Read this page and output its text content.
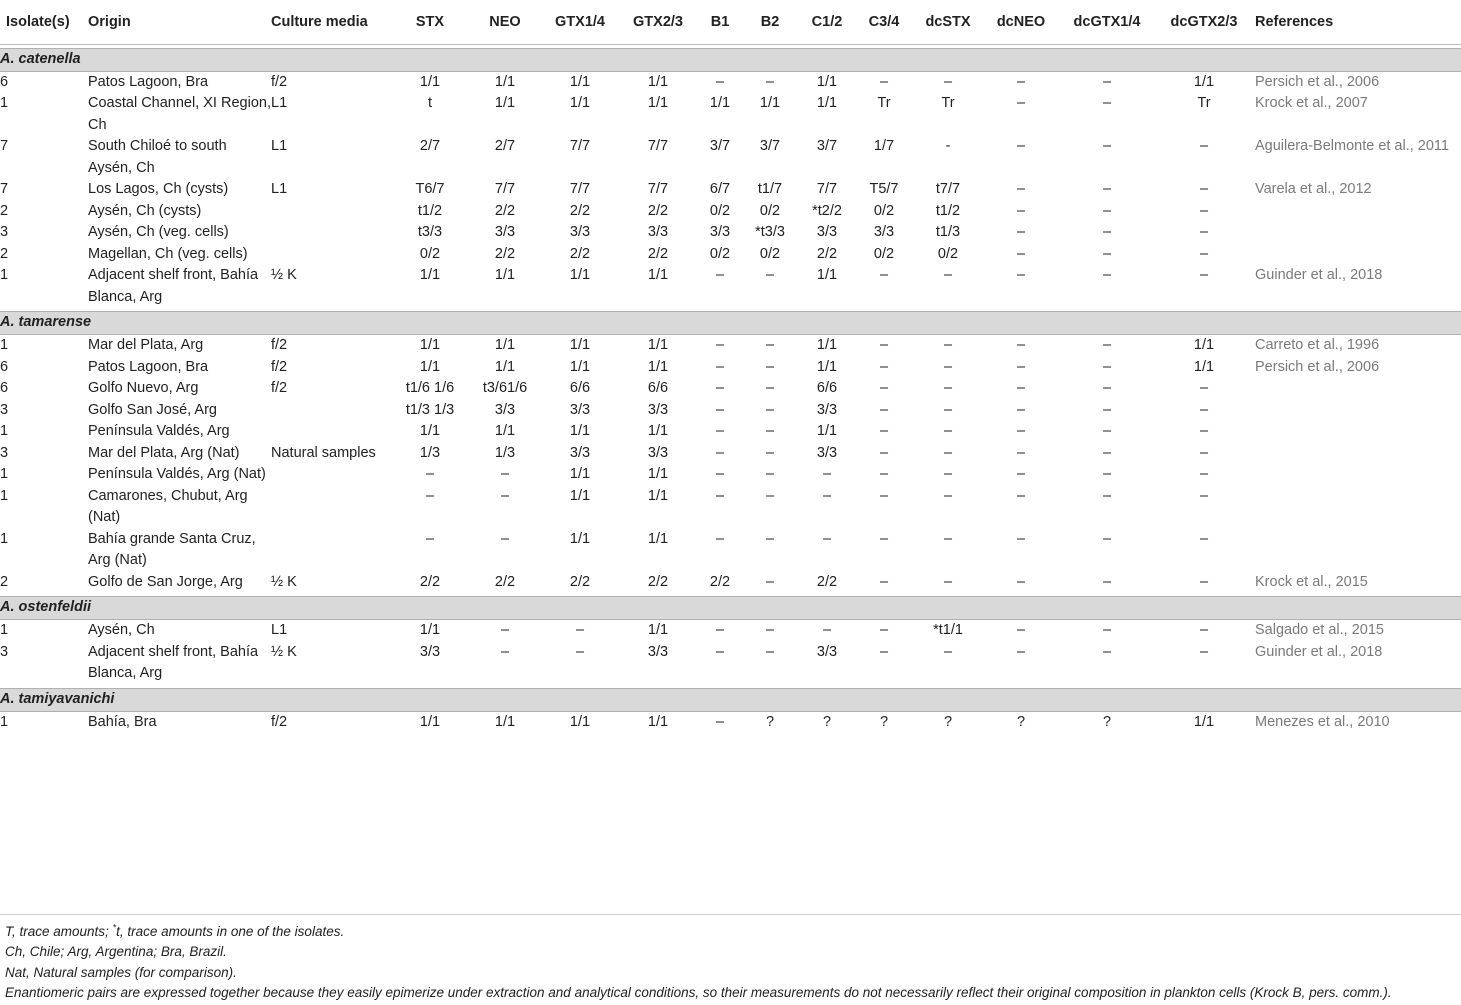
Isolate(s)	Origin	Culture media	STX	NEO	GTX1/4	GTX2/3	B1	B2	C1/2	C3/4	dcSTX	dcNEO	dcGTX1/4	dcGTX2/3	References

A. catenella															
6	Patos Lagoon, Bra	f/2	1/1	1/1	1/1	1/1	–	–	1/1	–	–	–	–	1/1	Persich et al., 2006
1	Coastal Channel, XI Region, Ch	L1	t	1/1	1/1	1/1	1/1	1/1	1/1	Tr	Tr	–	–	Tr	Krock et al., 2007
7	South Chiloé to south Aysén, Ch	L1	2/7	2/7	7/7	7/7	3/7	3/7	3/7	1/7	-	–	–	–	Aguilera-Belmonte et al., 2011
7	Los Lagos, Ch (cysts)	L1	T6/7	7/7	7/7	7/7	6/7	t1/7	7/7	T5/7	t7/7	–	–	–	Varela et al., 2012
2	Aysén, Ch (cysts)		t1/2	2/2	2/2	2/2	0/2	0/2	*t2/2	0/2	t1/2	–	–	–	
3	Aysén, Ch (veg. cells)		t3/3	3/3	3/3	3/3	3/3	*t3/3	3/3	3/3	t1/3	–	–	–	
2	Magellan, Ch (veg. cells)		0/2	2/2	2/2	2/2	0/2	0/2	2/2	0/2	0/2	–	–	–	
1	Adjacent shelf front, Bahía Blanca, Arg	½ K	1/1	1/1	1/1	1/1	–	–	1/1	–	–	–	–	–	Guinder et al., 2018

A. tamarense															
1	Mar del Plata, Arg	f/2	1/1	1/1	1/1	1/1	–	–	1/1	–	–	–	–	1/1	Carreto et al., 1996
6	Patos Lagoon, Bra	f/2	1/1	1/1	1/1	1/1	–	–	1/1	–	–	–	–	1/1	Persich et al., 2006
6	Golfo Nuevo, Arg	f/2	t1/6 1/6	t3/61/6	6/6	6/6	–	–	6/6	–	–	–	–	–	
3	Golfo San José, Arg		t1/3 1/3	3/3	3/3	3/3	–	–	3/3	–	–	–	–	–	
1	Península Valdés, Arg		1/1	1/1	1/1	1/1	–	–	1/1	–	–	–	–	–	
3	Mar del Plata, Arg (Nat)	Natural samples	1/3	1/3	3/3	3/3	–	–	3/3	–	–	–	–	–	
1	Península Valdés, Arg (Nat)		–	–	1/1	1/1	–	–	–	–	–	–	–	–	
1	Camarones, Chubut, Arg (Nat)		–	–	1/1	1/1	–	–	–	–	–	–	–	–	
1	Bahía grande Santa Cruz, Arg (Nat)		–	–	1/1	1/1	–	–	–	–	–	–	–	–	
2	Golfo de San Jorge, Arg	½ K	2/2	2/2	2/2	2/2	2/2	–	2/2	–	–	–	–	–	Krock et al., 2015

A. ostenfeldii															
1	Aysén, Ch	L1	1/1	–	–	1/1	–	–	–	–	*t1/1	–	–	–	Salgado et al., 2015
3	Adjacent shelf front, Bahía Blanca, Arg	½ K	3/3	–	–	3/3	–	–	3/3	–	–	–	–	–	Guinder et al., 2018

A. tamiyavanichi															
1	Bahía, Bra	f/2	1/1	1/1	1/1	1/1	–	?	?	?	?	?	?	1/1	Menezes et al., 2010
T, trace amounts; *t, trace amounts in one of the isolates.
Ch, Chile; Arg, Argentina; Bra, Brazil.
Nat, Natural samples (for comparison).
Enantiomeric pairs are expressed together because they easily epimerize under extraction and analytical conditions, so their measurements do not necessarily reflect their original composition in plankton cells (Krock B, pers. comm.).
